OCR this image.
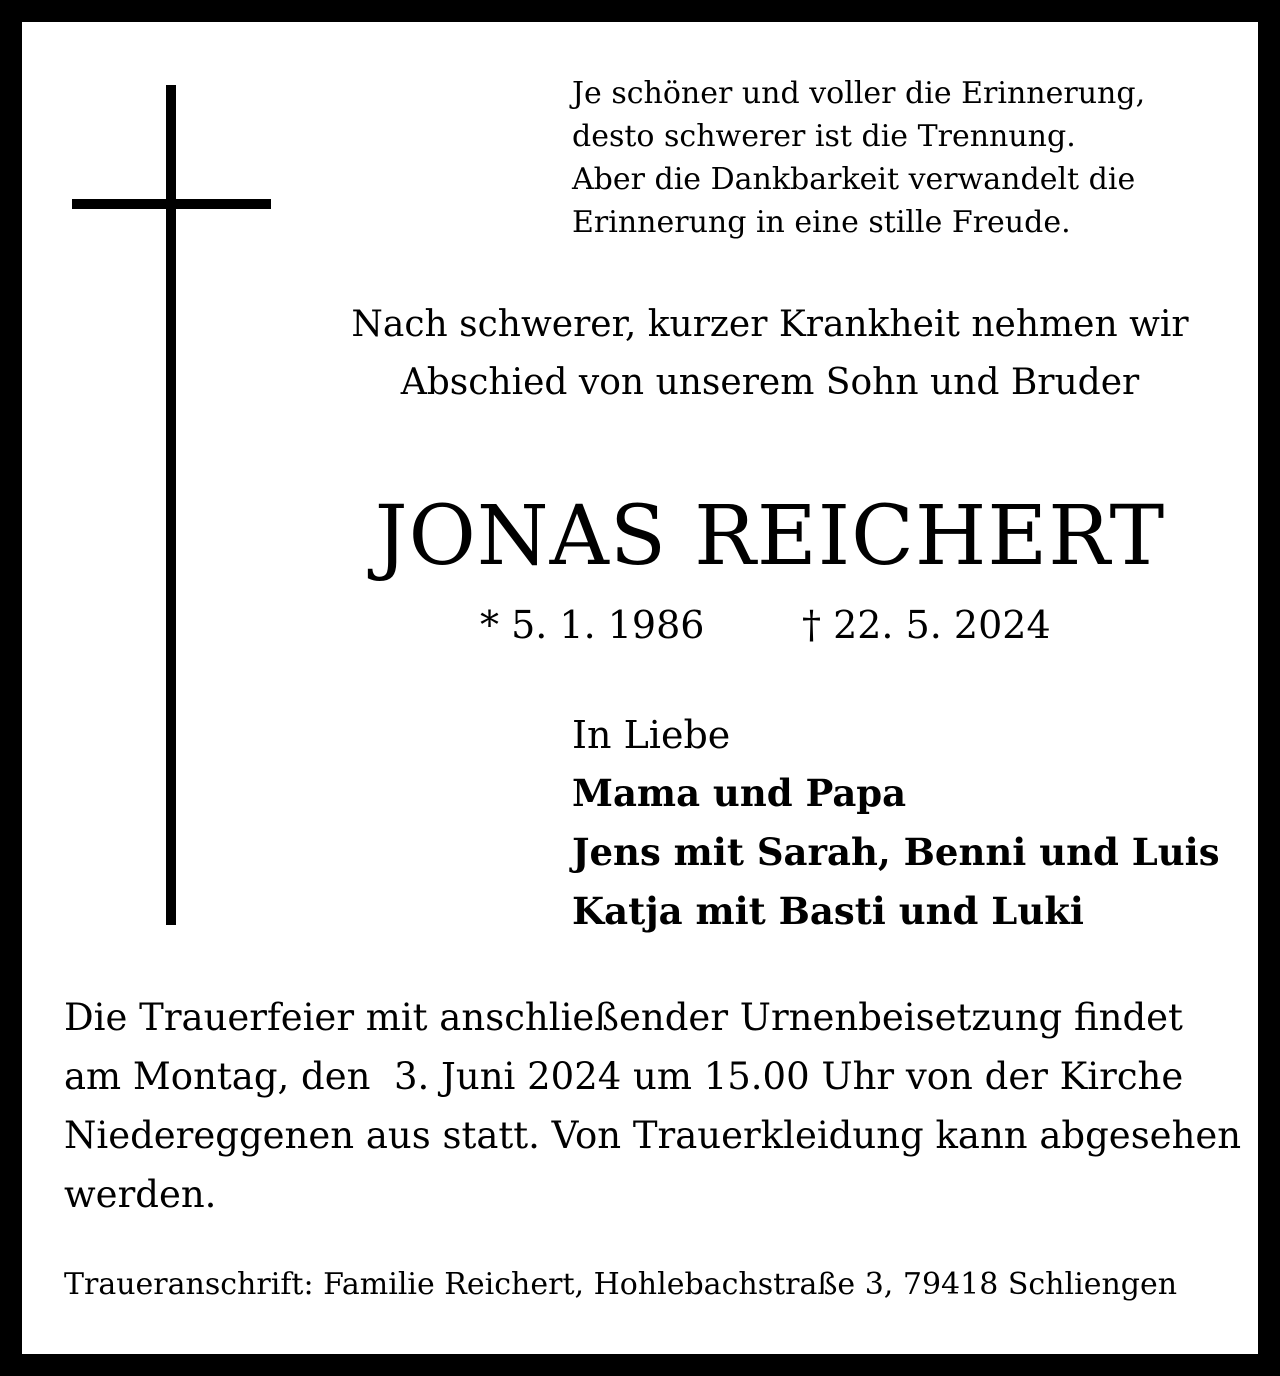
Je schöner und voller die Erinnerung,
desto schwerer ist die Trennung.
Aber die Dankbarkeit verwandelt die
Erinnerung in eine stille Freude.
Nach schwerer, kurzer Krankheit nehmen wir
Abschied von unserem Sohn und Bruder
JONAS REICHERT
* 5. 1. 1986	† 22. 5. 2024
In Liebe
Mama und Papa
Jens mit Sarah, Benni und Luis
Katja mit Basti und Luki
Die Trauerfeier mit anschließender Urnenbeisetzung findet
am Montag, den  3. Juni 2024 um 15.00 Uhr von der Kirche
Niedereggenen aus statt. Von Trauerkleidung kann abgesehen
werden.
Traueranschrift: Familie Reichert, Hohlebachstraße 3, 79418 Schliengen
